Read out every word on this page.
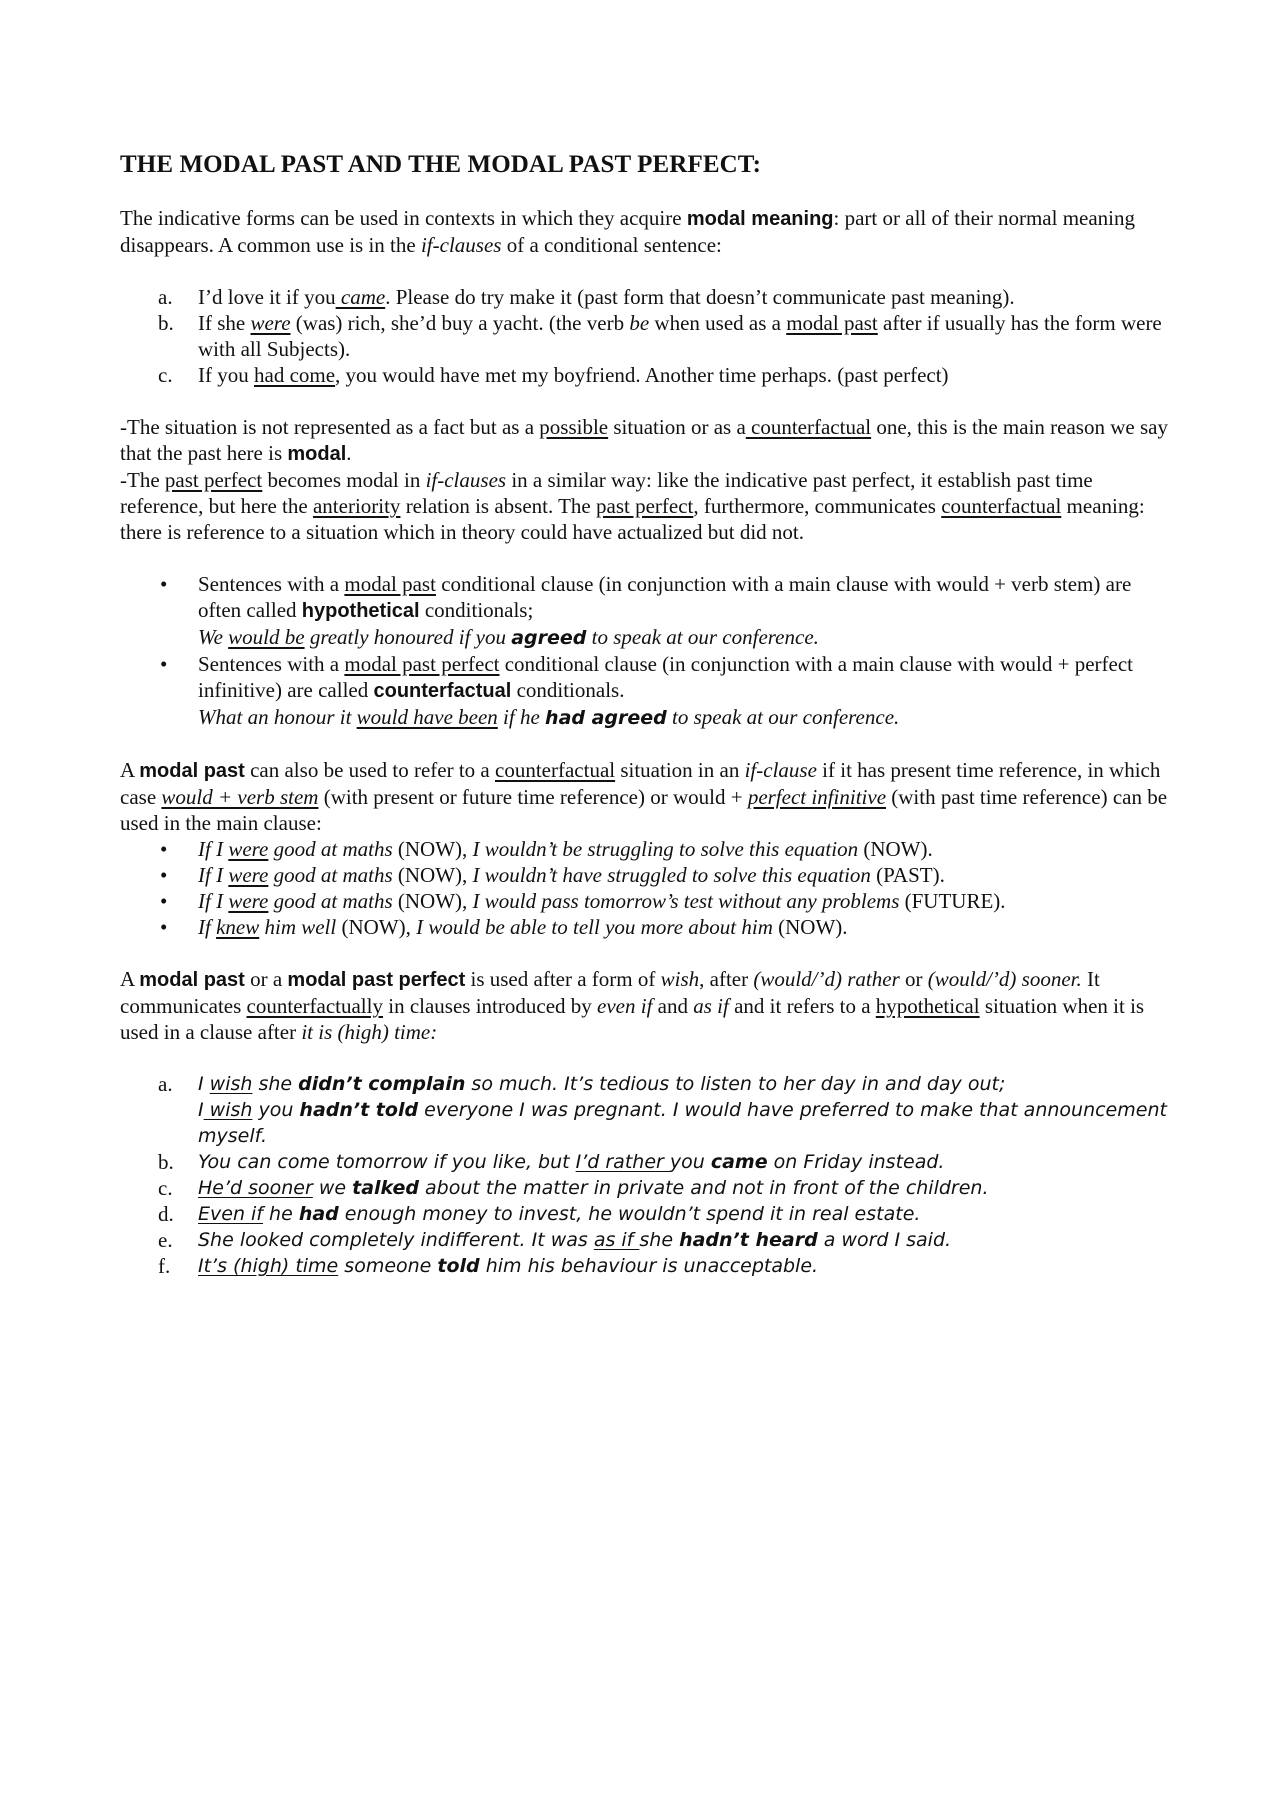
THE MODAL PAST AND THE MODAL PAST PERFECT:

The indicative forms can be used in contexts in which they acquire modal meaning: part or all of their normal meaning disappears. A common use is in the if-clauses of a conditional sentence:

a.	I’d love it if you came. Please do try make it (past form that doesn’t communicate past meaning).
b.	If she were (was) rich, she’d buy a yacht. (the verb be when used as a modal past after if usually has the form were with all Subjects).
c.	If you had come, you would have met my boyfriend. Another time perhaps. (past perfect)

-The situation is not represented as a fact but as a possible situation or as a counterfactual one, this is the main reason we say that the past here is modal.

-The past perfect becomes modal in if-clauses in a similar way: like the indicative past perfect, it establish past time reference, but here the anteriority relation is absent. The past perfect, furthermore, communicates counterfactual meaning: there is reference to a situation which in theory could have actualized but did not.

• Sentences with a modal past conditional clause (in conjunction with a main clause with would + verb stem) are often called hypothetical conditionals;
We would be greatly honoured if you agreed to speak at our conference.
• Sentences with a modal past perfect conditional clause (in conjunction with a main clause with would + perfect infinitive) are called counterfactual conditionals.
What an honour it would have been if he had agreed to speak at our conference.

A modal past can also be used to refer to a counterfactual situation in an if-clause if it has present time reference, in which case would + verb stem (with present or future time reference) or would + perfect infinitive (with past time reference) can be used in the main clause:

• If I were good at maths (NOW), I wouldn’t be struggling to solve this equation (NOW).
• If I were good at maths (NOW), I wouldn’t have struggled to solve this equation (PAST).
• If I were good at maths (NOW), I would pass tomorrow’s test without any problems (FUTURE).
• If knew him well (NOW), I would be able to tell you more about him (NOW).

A modal past or a modal past perfect is used after a form of wish, after (would/’d) rather or (would/’d) sooner. It communicates counterfactually in clauses introduced by even if and as if and it refers to a hypothetical situation when it is used in a clause after it is (high) time:

a.	I wish she didn’t complain so much. It’s tedious to listen to her day in and day out;
I wish you hadn’t told everyone I was pregnant. I would have preferred to make that announcement myself.
b.	You can come tomorrow if you like, but I’d rather you came on Friday instead.
c.	He’d sooner we talked about the matter in private and not in front of the children.
d.	Even if he had enough money to invest, he wouldn’t spend it in real estate.
e.	She looked completely indifferent. It was as if she hadn’t heard a word I said.
f.	It’s (high) time someone told him his behaviour is unacceptable.
